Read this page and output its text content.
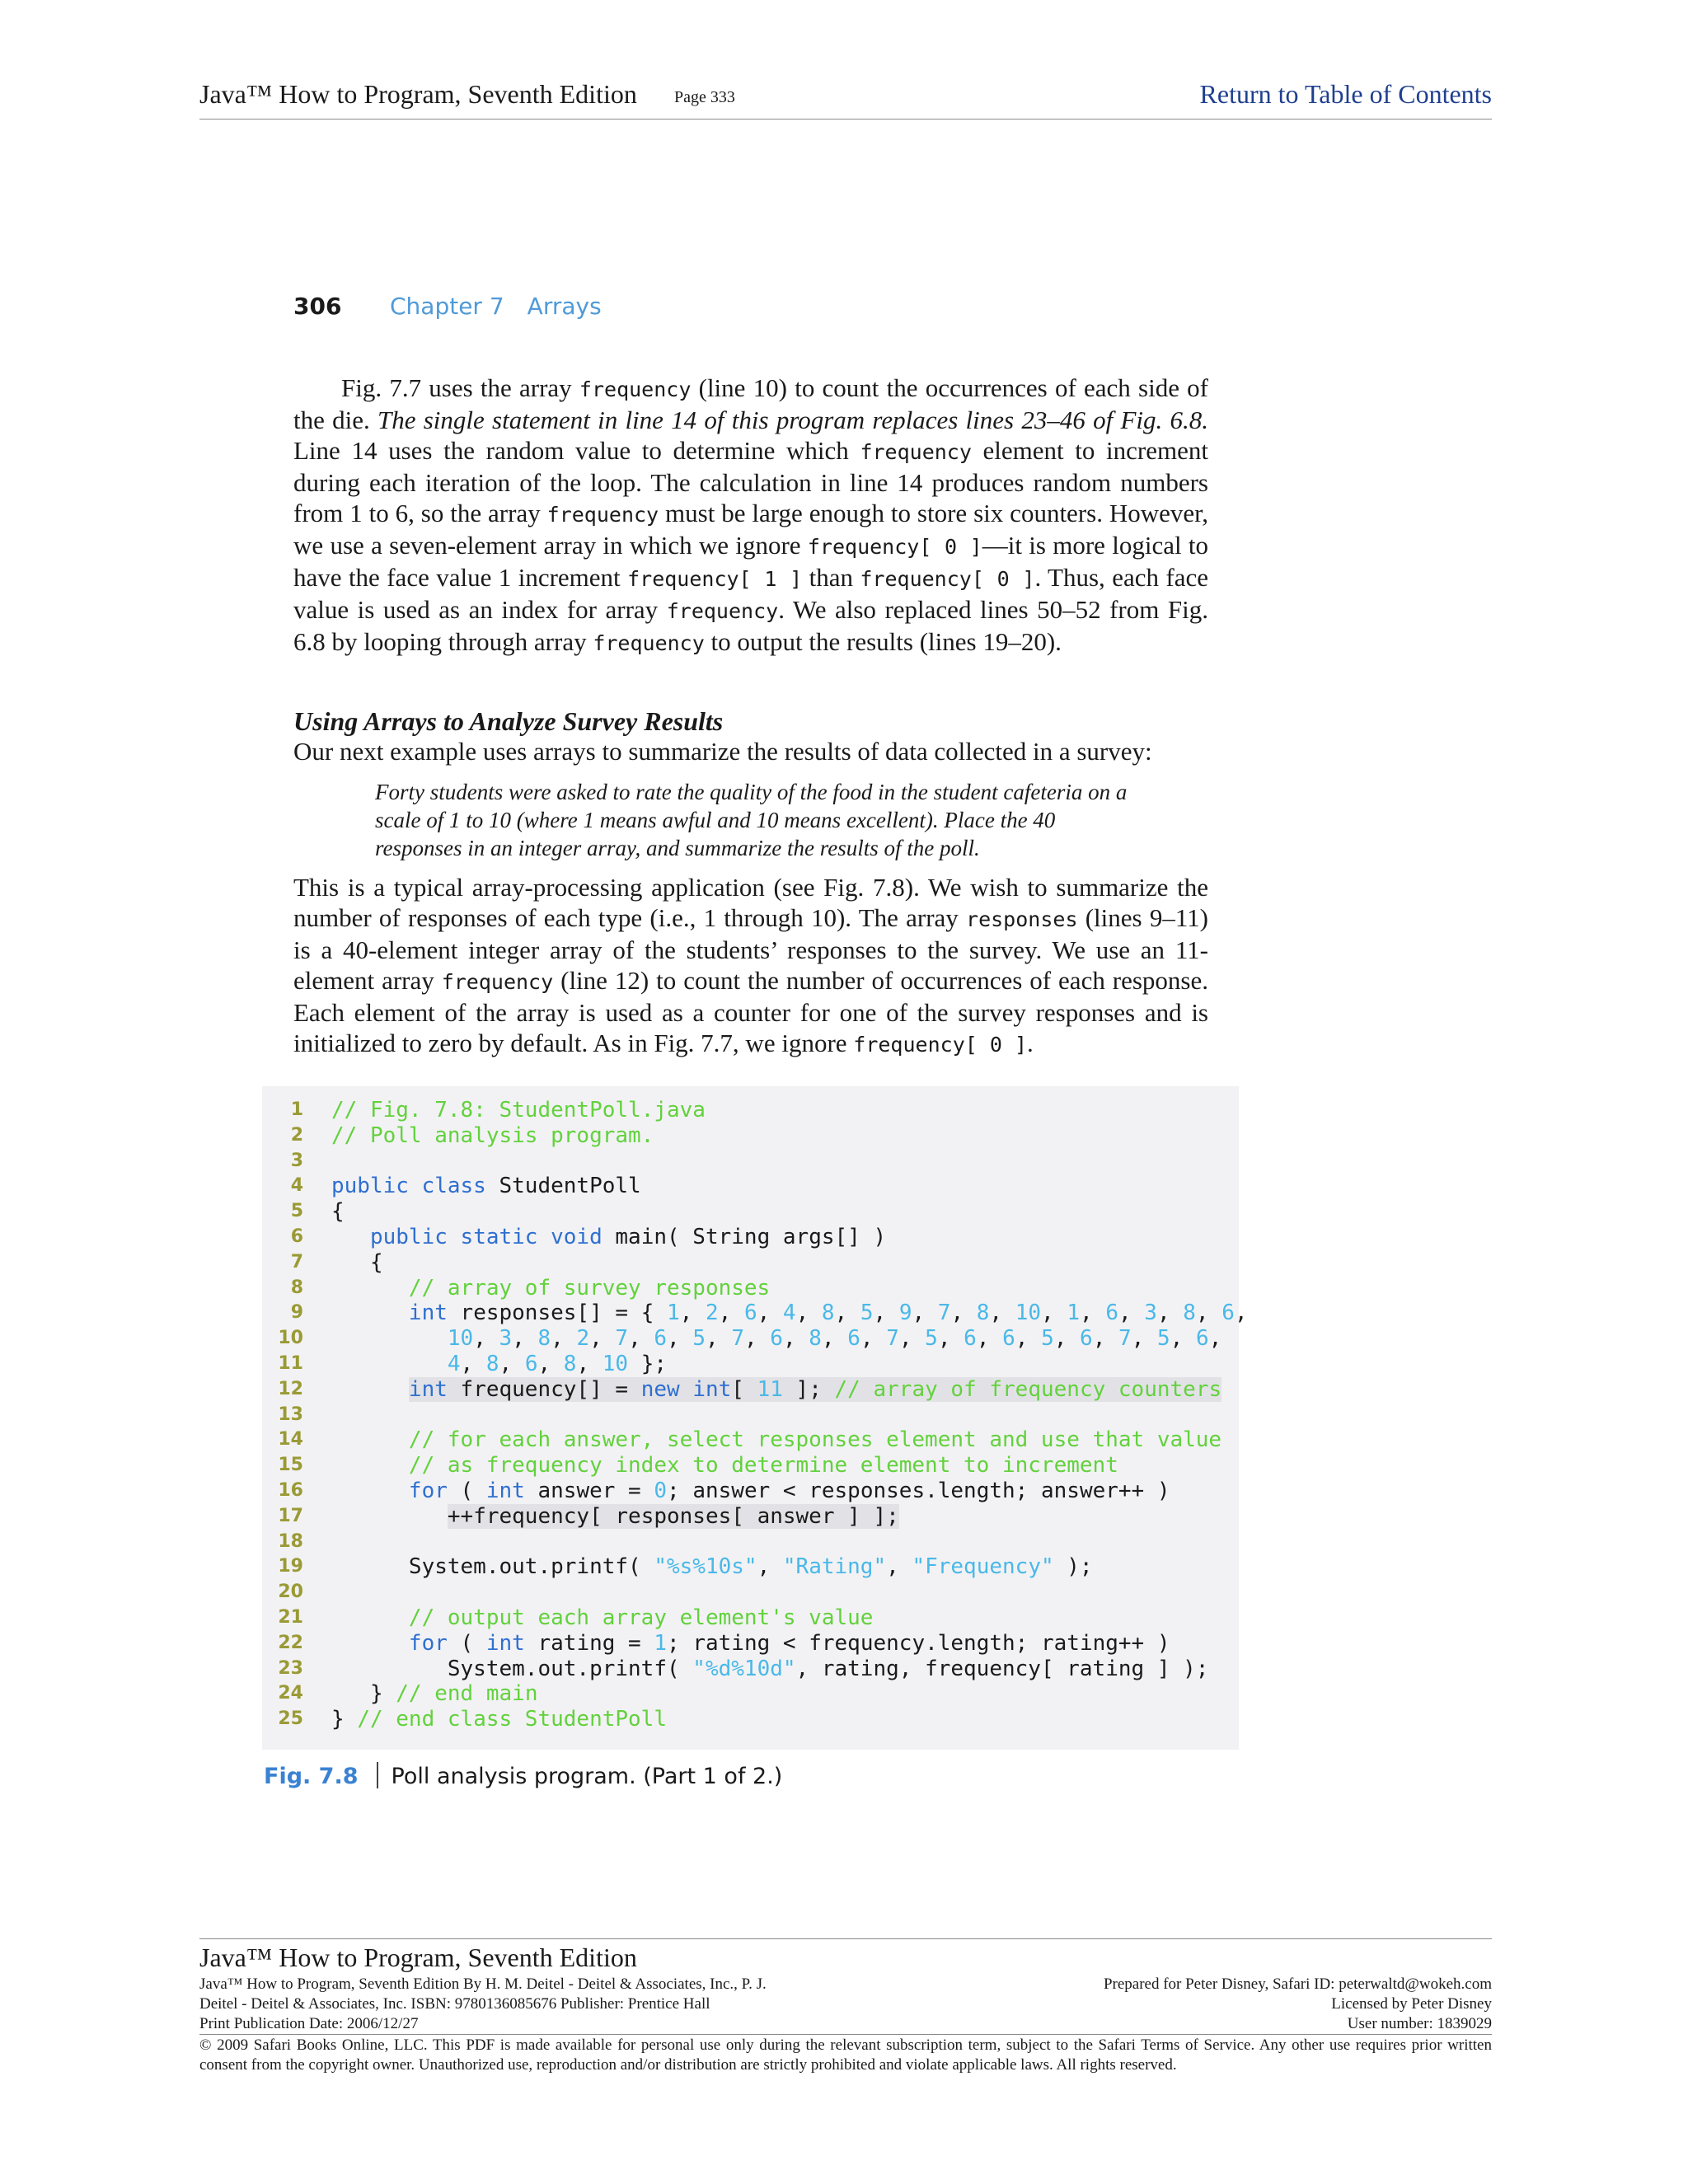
Java™ How to Program, Seventh Edition Page 333	Return to Table of Contents
306 Chapter 7 Arrays

Fig. 7.7 uses the array frequency (line 10) to count the occurrences of each side of the die. The single statement in line 14 of this program replaces lines 23–46 of Fig. 6.8. Line 14 uses the random value to determine which frequency element to increment during each iteration of the loop. The calculation in line 14 produces random numbers from 1 to 6, so the array frequency must be large enough to store six counters. However, we use a seven-element array in which we ignore frequency[ 0 ]—it is more logical to have the face value 1 increment frequency[ 1 ] than frequency[ 0 ]. Thus, each face value is used as an index for array frequency. We also replaced lines 50–52 from Fig. 6.8 by looping through array frequency to output the results (lines 19–20).

Using Arrays to Analyze Survey Results

Our next example uses arrays to summarize the results of data collected in a survey:

Forty students were asked to rate the quality of the food in the student cafeteria on a scale of 1 to 10 (where 1 means awful and 10 means excellent). Place the 40 responses in an integer array, and summarize the results of the poll.

This is a typical array-processing application (see Fig. 7.8). We wish to summarize the number of responses of each type (i.e., 1 through 10). The array responses (lines 9–11) is a 40-element integer array of the students’ responses to the survey. We use an 11-element array frequency (line 12) to count the number of occurrences of each response. Each element of the array is used as a counter for one of the survey responses and is initialized to zero by default. As in Fig. 7.7, we ignore frequency[ 0 ].

1 // Fig. 7.8: StudentPoll.java
2 // Poll analysis program.
3
4 public class StudentPoll
5 {
6	public static void main( String args[] )
7 {
8	// array of survey responses
9	int responses[] = { 1, 2, 6, 4, 8, 5, 9, 7, 8, 10, 1, 6, 3, 8, 6,
10	10, 3, 8, 2, 7, 6, 5, 7, 6, 8, 6, 7, 5, 6, 6, 5, 6, 7, 5, 6,
11	4, 8, 6, 8, 10 };
12	int frequency[] = new int[ 11 ]; // array of frequency counters
13
14	// for each answer, select responses element and use that value
15	// as frequency index to determine element to increment
16	for ( int answer = 0; answer < responses.length; answer++ )
17	++frequency[ responses[ answer ] ];
18
19 System.out.printf( "%s%10s", "Rating", "Frequency" );
20
21	// output each array element's value
22	for ( int rating = 1; rating < frequency.length; rating++ )
23 System.out.printf( "%d%10d", rating, frequency[ rating ] );
24 } // end main
25 } // end class StudentPoll
Fig. 7.8 Poll analysis program. (Part 1 of 2.)
Java™ How to Program, Seventh Edition
Java™ How to Program, Seventh Edition By H. M. Deitel - Deitel & Associates, Inc., P. J.
Deitel - Deitel & Associates, Inc. ISBN: 9780136085676 Publisher: Prentice Hall
Print Publication Date: 2006/12/27
Prepared for Peter Disney, Safari ID: peterwaltd@wokeh.com
Licensed by Peter Disney
User number: 1839029
© 2009 Safari Books Online, LLC. This PDF is made available for personal use only during the relevant subscription term, subject to the Safari Terms of Service. Any other use requires prior written consent from the copyright owner. Unauthorized use, reproduction and/or distribution are strictly prohibited and violate applicable laws. All rights reserved.
